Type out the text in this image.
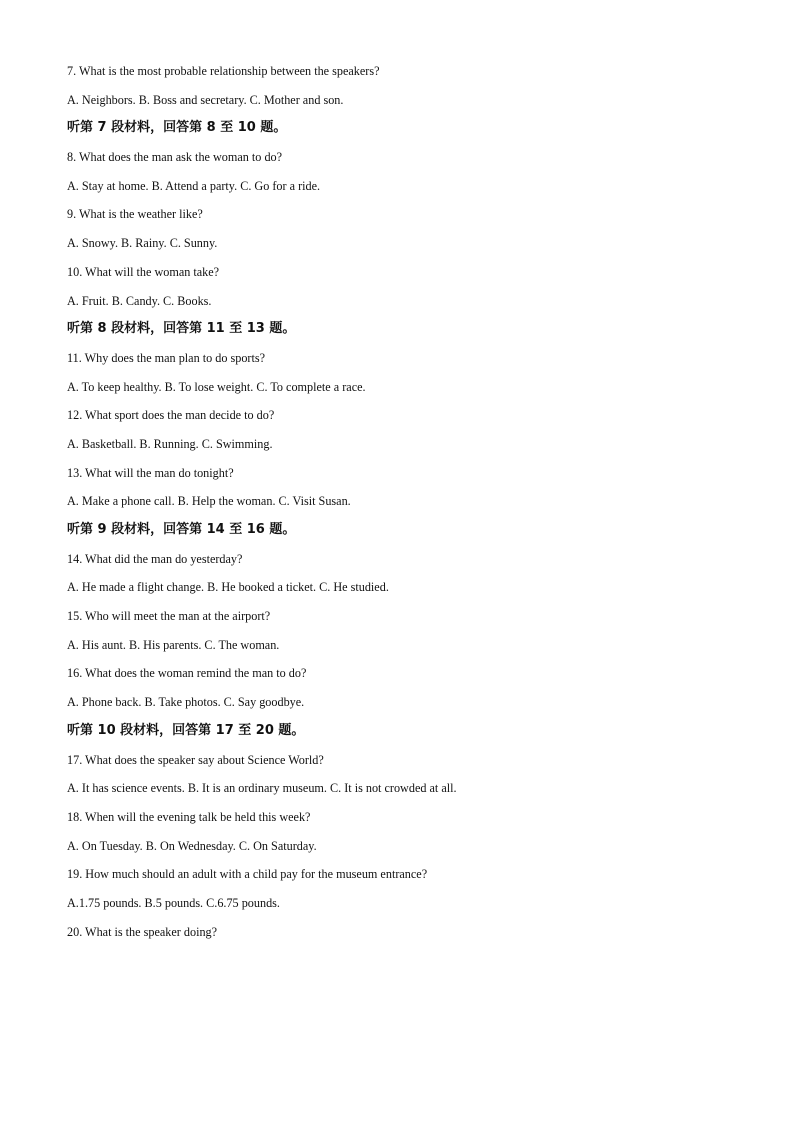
7. What is the most probable relationship between the speakers?
A. Neighbors. B. Boss and secretary. C. Mother and son.
听第 7 段材料，回答第 8 至 10 题。
8. What does the man ask the woman to do?
A. Stay at home. B. Attend a party. C. Go for a ride.
9. What is the weather like?
A. Snowy. B. Rainy. C. Sunny.
10. What will the woman take?
A. Fruit. B. Candy. C. Books.
听第 8 段材料，回答第 11 至 13 题。
11. Why does the man plan to do sports?
A. To keep healthy. B. To lose weight. C. To complete a race.
12. What sport does the man decide to do?
A. Basketball. B. Running. C. Swimming.
13. What will the man do tonight?
A. Make a phone call. B. Help the woman. C. Visit Susan.
听第 9 段材料，回答第 14 至 16 题。
14. What did the man do yesterday?
A. He made a flight change. B. He booked a ticket. C. He studied.
15. Who will meet the man at the airport?
A. His aunt. B. His parents. C. The woman.
16. What does the woman remind the man to do?
A. Phone back. B. Take photos. C. Say goodbye.
听第 10 段材料，回答第 17 至 20 题。
17. What does the speaker say about Science World?
A. It has science events. B. It is an ordinary museum. C. It is not crowded at all.
18. When will the evening talk be held this week?
A. On Tuesday. B. On Wednesday. C. On Saturday.
19. How much should an adult with a child pay for the museum entrance?
A.1.75 pounds. B.5 pounds. C.6.75 pounds.
20. What is the speaker doing?
